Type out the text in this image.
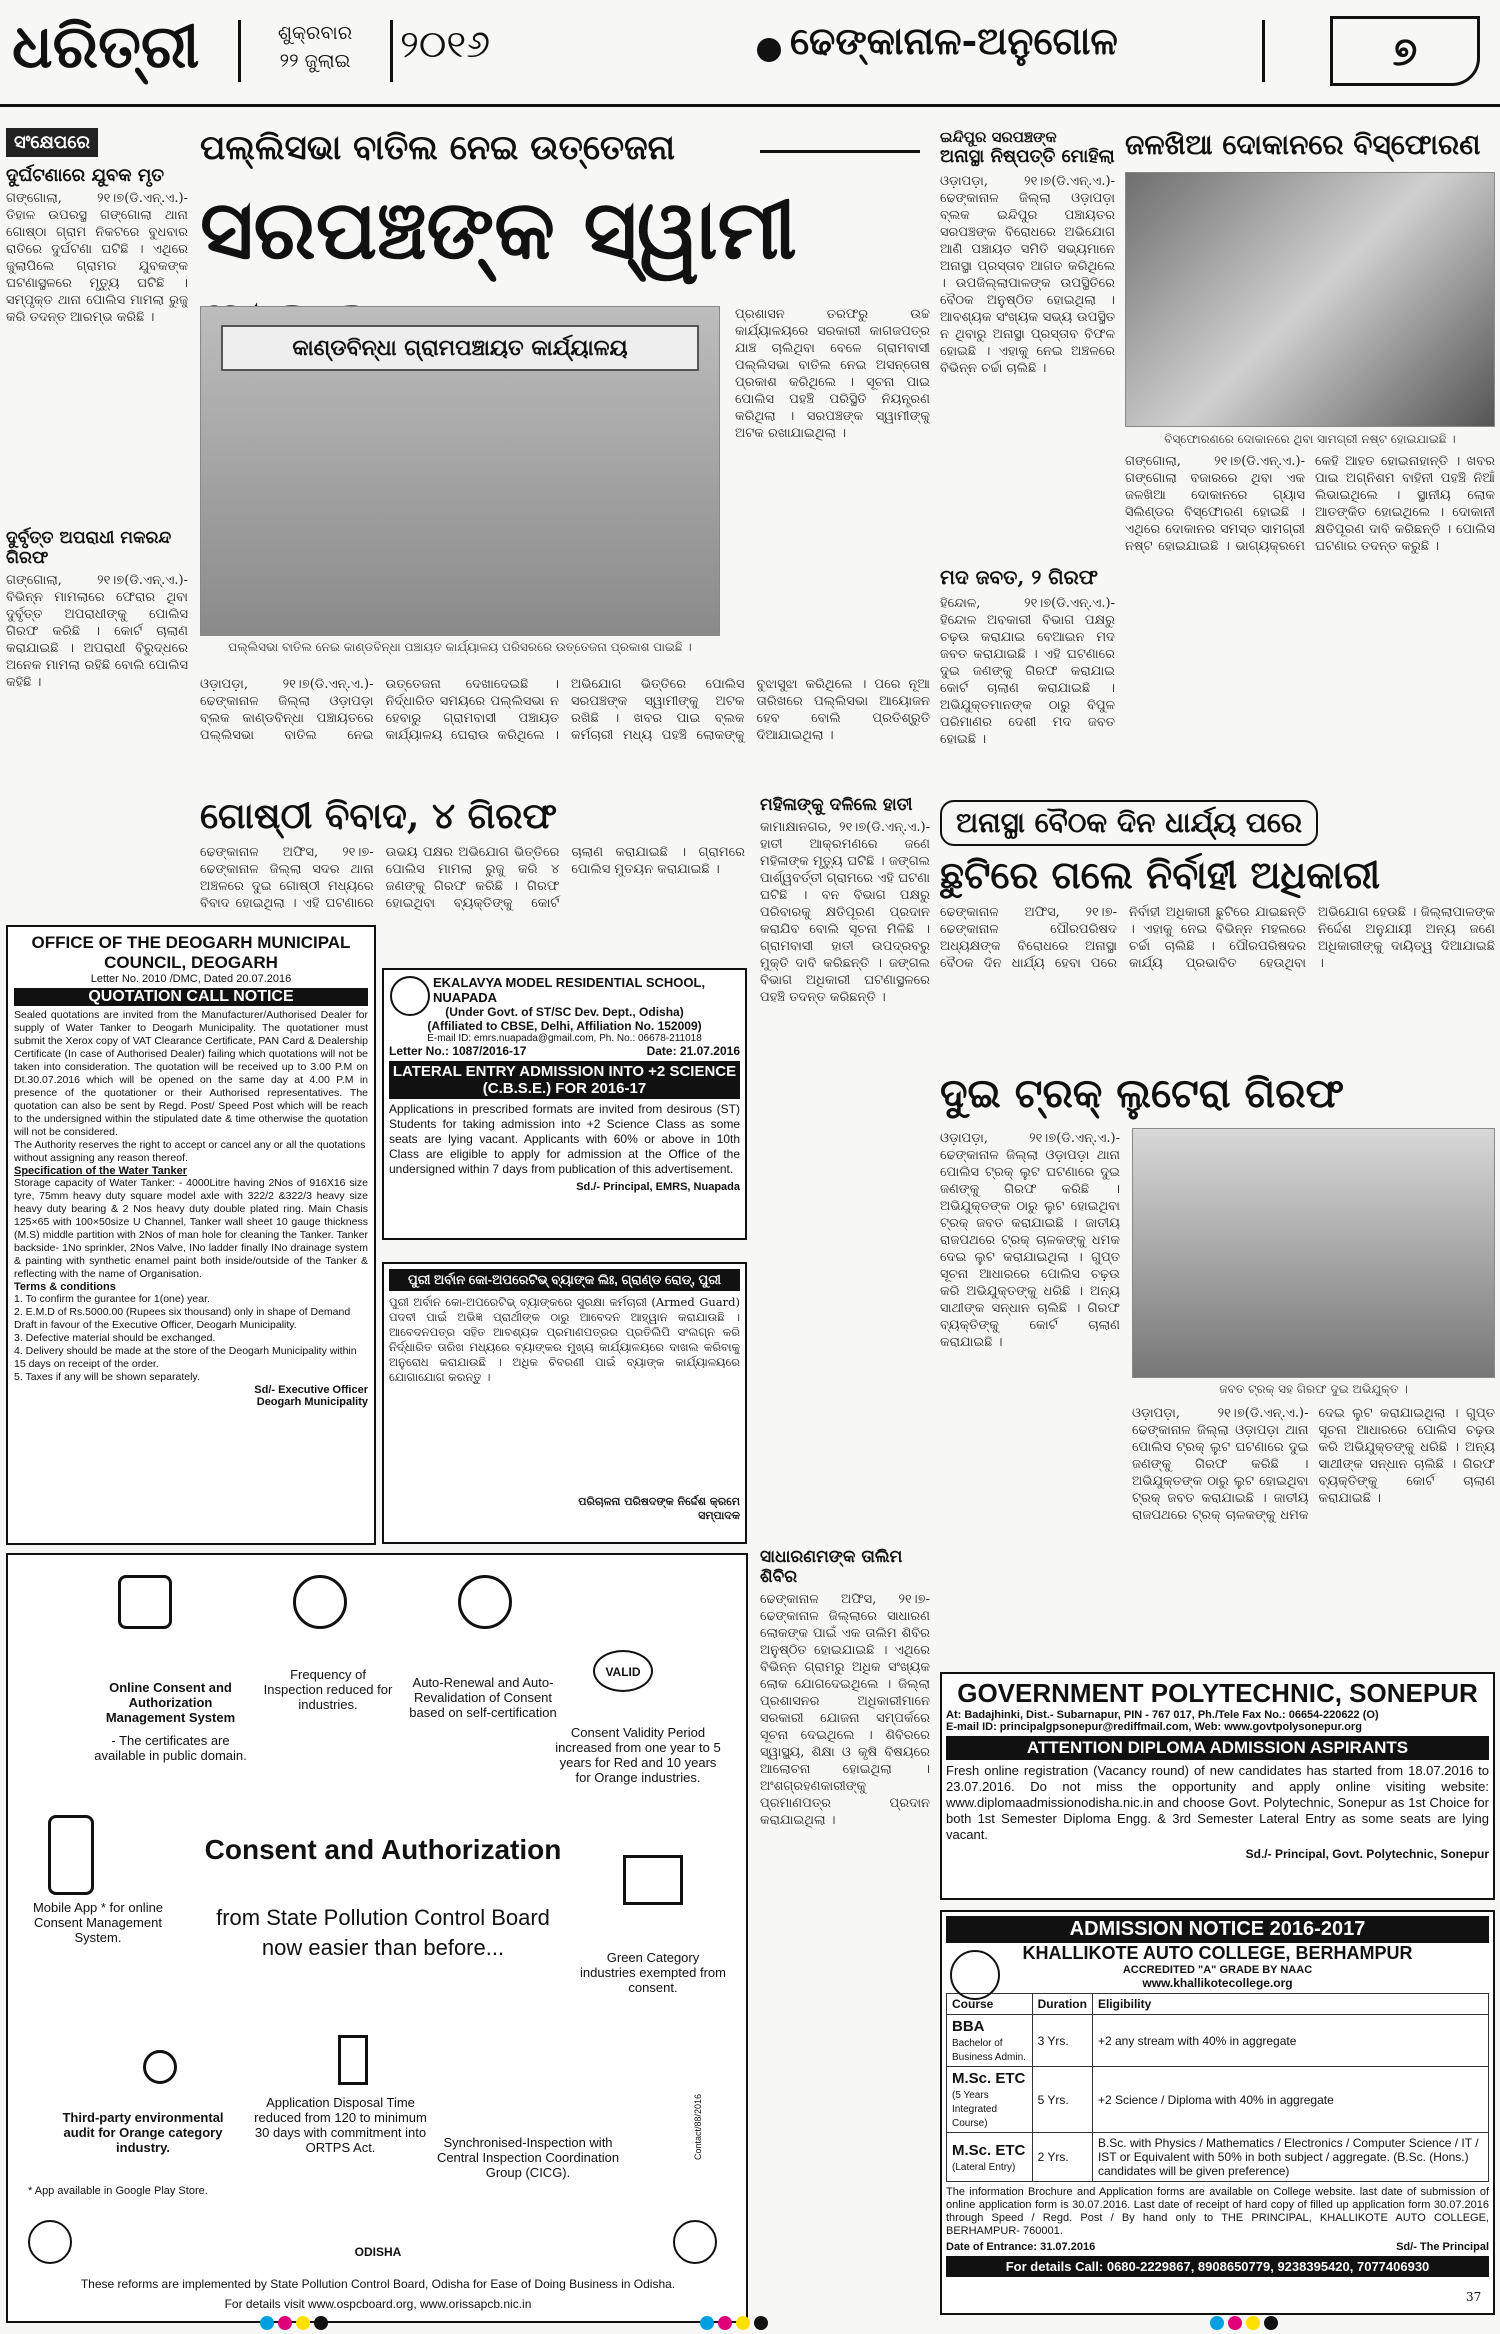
ଧରିତ୍ରୀ	ଶୁକ୍ରବାର
୨୨ ଜୁଲାଇ	୨୦୧୬	ଢେଙ୍କାନାଳ-ଅନୁଗୋଳ	୭
ସଂକ୍ଷେପରେ
ଦୁର୍ଘଟଣାରେ ଯୁବକ ମୃତ
ଗଙ୍ଗୋଲା, ୨୧।୭(ଡି.ଏନ୍.ଏ.)- ତିହାଳ ଉପରସ୍ଥ ଗଙ୍ଗୋଲା ଥାନା ଗୋଷ୍ଠା ଗ୍ରାମ ନିକଟରେ ବୁଧବାର ରାତିରେ ଦୁର୍ଘଟଣା ଘଟିଛି । ଏଥିରେ ଜୁଲାପିଲେ ଗ୍ରାମର ଯୁବକଙ୍କ ଘଟଣାସ୍ଥଳରେ ମୃତ୍ୟୁ ଘଟିଛି । ସମ୍ପୃକ୍ତ ଥାନା ପୋଲିସ ମାମଲା ରୁଜୁ କରି ତଦନ୍ତ ଆରମ୍ଭ କରିଛି ।
ଦୁର୍ବୃତ୍ତ ଅପରାଧୀ ମକରନ୍ଦ ଗିରଫ
ଗଙ୍ଗୋଲା, ୨୧।୭(ଡି.ଏନ୍.ଏ.)- ବିଭିନ୍ନ ମାମଲାରେ ଫେରାର ଥିବା ଦୁର୍ବୃତ୍ତ ଅପରାଧୀଙ୍କୁ ପୋଲିସ ଗିରଫ କରିଛି । କୋର୍ଟ ଚାଲାଣ କରାଯାଇଛି । ଅପରାଧୀ ବିରୁଦ୍ଧରେ ଅନେକ ମାମଲା ରହିଛି ବୋଲି ପୋଲିସ କହିଛି ।
ପଲ୍ଲିସଭା ବାତିଲ ନେଇ ଉତ୍ତେଜନା
ସରପଞ୍ଚଙ୍କ ସ୍ୱାମୀ
କାଣ୍ଡବିନ୍ଧା ଗ୍ରାମପଞ୍ଚାୟତ କାର୍ଯ୍ୟାଳୟ
ପଲ୍ଲିସଭା ବାତିଲ ନେଇ କାଣ୍ଡବିନ୍ଧା ପଞ୍ଚାୟତ କାର୍ଯ୍ୟାଳୟ ପରିସରରେ ଉତ୍ତେଜନା ପ୍ରକାଶ ପାଇଛି ।
ପ୍ରଶାସନ ତରଫରୁ ଉଚ୍ଚ କାର୍ଯ୍ୟାଳୟରେ ସରକାରୀ କାଗଜପତ୍ର ଯାଞ୍ଚ ଚାଲିଥିବା ବେଳେ ଗ୍ରାମବାସୀ ପଲ୍ଲିସଭା ବାତିଲ ନେଇ ଅସନ୍ତୋଷ ପ୍ରକାଶ କରିଥିଲେ । ସୂଚନା ପାଇ ପୋଲିସ ପହଞ୍ଚି ପରିସ୍ଥିତି ନିୟନ୍ତ୍ରଣ କରିଥିଲା । ସରପଞ୍ଚଙ୍କ ସ୍ୱାମୀଙ୍କୁ ଅଟକ ରଖାଯାଇଥିଲା ।
ଓଡ଼ାପଡ଼ା, ୨୧।୭(ଡି.ଏନ୍.ଏ.)- ଢେଙ୍କାନାଳ ଜିଲ୍ଲା ଓଡ଼ାପଡ଼ା ବ୍ଲକ କାଣ୍ଡବିନ୍ଧା ପଞ୍ଚାୟତରେ ପଲ୍ଲିସଭା ବାତିଲ ନେଇ ଉତ୍ତେଜନା ଦେଖାଦେଇଛି । ନିର୍ଦ୍ଧାରିତ ସମୟରେ ପଲ୍ଲିସଭା ନ ହେବାରୁ ଗ୍ରାମବାସୀ ପଞ୍ଚାୟତ କାର୍ଯ୍ୟାଳୟ ଘେରାଉ କରିଥିଲେ । ଅଭିଯୋଗ ଭିତ୍ତିରେ ପୋଲିସ ସରପଞ୍ଚଙ୍କ ସ୍ୱାମୀଙ୍କୁ ଅଟକ ରଖିଛି । ଖବର ପାଇ ବ୍ଲକ କର୍ମଚାରୀ ମଧ୍ୟ ପହଞ୍ଚି ଲୋକଙ୍କୁ ବୁଝାସୁଝା କରିଥିଲେ । ପରେ ନୂଆ ତାରିଖରେ ପଲ୍ଲିସଭା ଆୟୋଜନ ହେବ ବୋଲି ପ୍ରତିଶ୍ରୁତି ଦିଆଯାଇଥିଲା ।
ଇନ୍ଦିପୁର ସରପଞ୍ଚଙ୍କ
ଅନାସ୍ଥା ନିଷ୍ପତ୍ତି ମୋହିଲା
ଓଡ଼ାପଡ଼ା, ୨୧।୭(ଡି.ଏନ୍.ଏ.)- ଢେଙ୍କାନାଳ ଜିଲ୍ଲା ଓଡ଼ାପଡ଼ା ବ୍ଲକ ଇନ୍ଦିପୁର ପଞ୍ଚାୟତର ସରପଞ୍ଚଙ୍କ ବିରୋଧରେ ଅଭିଯୋଗ ଆଣି ପଞ୍ଚାୟତ ସମିତି ସଭ୍ୟମାନେ ଅନାସ୍ଥା ପ୍ରସ୍ତାବ ଆଗତ କରିଥିଲେ । ଉପଜିଲ୍ଲାପାଳଙ୍କ ଉପସ୍ଥିତିରେ ବୈଠକ ଅନୁଷ୍ଠିତ ହୋଇଥିଲା । ଆବଶ୍ୟକ ସଂଖ୍ୟକ ସଭ୍ୟ ଉପସ୍ଥିତ ନ ଥିବାରୁ ଅନାସ୍ଥା ପ୍ରସ୍ତାବ ବିଫଳ ହୋଇଛି । ଏହାକୁ ନେଇ ଅଞ୍ଚଳରେ ବିଭିନ୍ନ ଚର୍ଚ୍ଚା ଚାଲିଛି ।
ମଦ ଜବତ, ୨ ଗିରଫ
ହିନ୍ଦୋଳ, ୨୧।୭(ଡି.ଏନ୍.ଏ.)- ହିନ୍ଦୋଳ ଅବକାରୀ ବିଭାଗ ପକ୍ଷରୁ ଚଢ଼ଉ କରାଯାଇ ବେଆଇନ ମଦ ଜବତ କରାଯାଇଛି । ଏହି ଘଟଣାରେ ଦୁଇ ଜଣଙ୍କୁ ଗିରଫ କରାଯାଇ କୋର୍ଟ ଚାଲାଣ କରାଯାଇଛି । ଅଭିଯୁକ୍ତମାନଙ୍କ ଠାରୁ ବିପୁଳ ପରିମାଣର ଦେଶୀ ମଦ ଜବତ ହୋଇଛି ।
ଜଳଖିଆ ଦୋକାନରେ ବିସ୍ଫୋରଣ
ବିସ୍ଫୋରଣରେ ଦୋକାନରେ ଥିବା ସାମଗ୍ରୀ ନଷ୍ଟ ହୋଇଯାଇଛି ।
ଗଙ୍ଗୋଲା, ୨୧।୭(ଡି.ଏନ୍.ଏ.)- ଗଙ୍ଗୋଲା ବଜାରରେ ଥିବା ଏକ ଜଳଖିଆ ଦୋକାନରେ ଗ୍ୟାସ ସିଲିଣ୍ଡର ବିସ୍ଫୋରଣ ହୋଇଛି । ଏଥିରେ ଦୋକାନର ସମସ୍ତ ସାମଗ୍ରୀ ନଷ୍ଟ ହୋଇଯାଇଛି । ଭାଗ୍ୟକ୍ରମେ କେହି ଆହତ ହୋଇନାହାନ୍ତି । ଖବର ପାଇ ଅଗ୍ନିଶମ ବାହିନୀ ପହଞ୍ଚି ନିଆଁ ଲିଭାଇଥିଲେ । ସ୍ଥାନୀୟ ଲୋକ ଆତଙ୍କିତ ହୋଇଥିଲେ । ଦୋକାନୀ କ୍ଷତିପୂରଣ ଦାବି କରିଛନ୍ତି । ପୋଲିସ ଘଟଣାର ତଦନ୍ତ କରୁଛି ।
ଗୋଷ୍ଠୀ ବିବାଦ, ୪ ଗିରଫ
ଢେଙ୍କାନାଳ ଅଫିସ, ୨୧।୭- ଢେଙ୍କାନାଳ ଜିଲ୍ଲା ସଦର ଥାନା ଅଞ୍ଚଳରେ ଦୁଇ ଗୋଷ୍ଠୀ ମଧ୍ୟରେ ବିବାଦ ହୋଇଥିଲା । ଏହି ଘଟଣାରେ ଉଭୟ ପକ୍ଷର ଅଭିଯୋଗ ଭିତ୍ତିରେ ପୋଲିସ ମାମଲା ରୁଜୁ କରି ୪ ଜଣଙ୍କୁ ଗିରଫ କରିଛି । ଗିରଫ ହୋଇଥିବା ବ୍ୟକ୍ତିଙ୍କୁ କୋର୍ଟ ଚାଲାଣ କରାଯାଇଛି । ଗ୍ରାମରେ ପୋଲିସ ମୁତୟନ କରାଯାଇଛି ।
ମହିଳାଙ୍କୁ ଦଳିଲେ ହାତୀ
କାମାକ୍ଷାନଗର, ୨୧।୭(ଡି.ଏନ୍.ଏ.)- ହାତୀ ଆକ୍ରମଣରେ ଜଣେ ମହିଳାଙ୍କ ମୃତ୍ୟୁ ଘଟିଛି । ଜଙ୍ଗଲ ପାର୍ଶ୍ୱବର୍ତ୍ତୀ ଗ୍ରାମରେ ଏହି ଘଟଣା ଘଟିଛି । ବନ ବିଭାଗ ପକ୍ଷରୁ ପରିବାରକୁ କ୍ଷତିପୂରଣ ପ୍ରଦାନ କରାଯିବ ବୋଲି ସୂଚନା ମିଳିଛି । ଗ୍ରାମବାସୀ ହାତୀ ଉପଦ୍ରବରୁ ମୁକ୍ତି ଦାବି କରିଛନ୍ତି । ଜଙ୍ଗଲ ବିଭାଗ ଅଧିକାରୀ ଘଟଣାସ୍ଥଳରେ ପହଞ୍ଚି ତଦନ୍ତ କରିଛନ୍ତି ।
ସାଧାରଣମଙ୍କ ତାଲିମ ଶିବିର
ଢେଙ୍କାନାଳ ଅଫିସ, ୨୧।୭- ଢେଙ୍କାନାଳ ଜିଲ୍ଲାରେ ସାଧାରଣ ଲୋକଙ୍କ ପାଇଁ ଏକ ତାଲିମ ଶିବିର ଅନୁଷ୍ଠିତ ହୋଇଯାଇଛି । ଏଥିରେ ବିଭିନ୍ନ ଗ୍ରାମରୁ ଅଧିକ ସଂଖ୍ୟକ ଲୋକ ଯୋଗଦେଇଥିଲେ । ଜିଲ୍ଲା ପ୍ରଶାସନର ଅଧିକାରୀମାନେ ସରକାରୀ ଯୋଜନା ସମ୍ପର୍କରେ ସୂଚନା ଦେଇଥିଲେ । ଶିବିରରେ ସ୍ୱାସ୍ଥ୍ୟ, ଶିକ୍ଷା ଓ କୃଷି ବିଷୟରେ ଆଲୋଚନା ହୋଇଥିଲା । ଅଂଶଗ୍ରହଣକାରୀଙ୍କୁ ପ୍ରମାଣପତ୍ର ପ୍ରଦାନ କରାଯାଇଥିଲା ।
ଅନାସ୍ଥା ବୈଠକ ଦିନ ଧାର୍ଯ୍ୟ ପରେ
ଛୁଟିରେ ଗଲେ ନିର୍ବାହୀ ଅଧିକାରୀ
ଢେଙ୍କାନାଳ ଅଫିସ, ୨୧।୭- ଢେଙ୍କାନାଳ ପୌରପରିଷଦ ଅଧ୍ୟକ୍ଷଙ୍କ ବିରୋଧରେ ଅନାସ୍ଥା ବୈଠକ ଦିନ ଧାର୍ଯ୍ୟ ହେବା ପରେ ନିର୍ବାହୀ ଅଧିକାରୀ ଛୁଟିରେ ଯାଇଛନ୍ତି । ଏହାକୁ ନେଇ ବିଭିନ୍ନ ମହଲରେ ଚର୍ଚ୍ଚା ଚାଲିଛି । ପୌରପରିଷଦର କାର୍ଯ୍ୟ ପ୍ରଭାବିତ ହେଉଥିବା ଅଭିଯୋଗ ହେଉଛି । ଜିଲ୍ଲାପାଳଙ୍କ ନିର୍ଦ୍ଦେଶ ଅନୁଯାୟୀ ଅନ୍ୟ ଜଣେ ଅଧିକାରୀଙ୍କୁ ଦାୟିତ୍ୱ ଦିଆଯାଇଛି ।
ଦୁଇ ଟ୍ରକ୍ ଲୁଟେରା ଗିରଫ
ଓଡ଼ାପଡ଼ା, ୨୧।୭(ଡି.ଏନ୍.ଏ.)- ଢେଙ୍କାନାଳ ଜିଲ୍ଲା ଓଡ଼ାପଡ଼ା ଥାନା ପୋଲିସ ଟ୍ରକ୍ ଲୁଟ ଘଟଣାରେ ଦୁଇ ଜଣଙ୍କୁ ଗିରଫ କରିଛି । ଅଭିଯୁକ୍ତଙ୍କ ଠାରୁ ଲୁଟ ହୋଇଥିବା ଟ୍ରକ୍ ଜବତ କରାଯାଇଛି । ଜାତୀୟ ରାଜପଥରେ ଟ୍ରକ୍ ଚାଳକଙ୍କୁ ଧମକ ଦେଇ ଲୁଟ କରାଯାଇଥିଲା । ଗୁପ୍ତ ସୂଚନା ଆଧାରରେ ପୋଲିସ ଚଢ଼ଉ କରି ଅଭିଯୁକ୍ତଙ୍କୁ ଧରିଛି । ଅନ୍ୟ ସାଥୀଙ୍କ ସନ୍ଧାନ ଚାଲିଛି । ଗିରଫ ବ୍ୟକ୍ତିଙ୍କୁ କୋର୍ଟ ଚାଲାଣ କରାଯାଇଛି ।
ଜବତ ଟ୍ରକ୍ ସହ ଗିରଫ ଦୁଇ ଅଭିଯୁକ୍ତ ।
ଓଡ଼ାପଡ଼ା, ୨୧।୭(ଡି.ଏନ୍.ଏ.)- ଢେଙ୍କାନାଳ ଜିଲ୍ଲା ଓଡ଼ାପଡ଼ା ଥାନା ପୋଲିସ ଟ୍ରକ୍ ଲୁଟ ଘଟଣାରେ ଦୁଇ ଜଣଙ୍କୁ ଗିରଫ କରିଛି । ଅଭିଯୁକ୍ତଙ୍କ ଠାରୁ ଲୁଟ ହୋଇଥିବା ଟ୍ରକ୍ ଜବତ କରାଯାଇଛି । ଜାତୀୟ ରାଜପଥରେ ଟ୍ରକ୍ ଚାଳକଙ୍କୁ ଧମକ ଦେଇ ଲୁଟ କରାଯାଇଥିଲା । ଗୁପ୍ତ ସୂଚନା ଆଧାରରେ ପୋଲିସ ଚଢ଼ଉ କରି ଅଭିଯୁକ୍ତଙ୍କୁ ଧରିଛି । ଅନ୍ୟ ସାଥୀଙ୍କ ସନ୍ଧାନ ଚାଲିଛି । ଗିରଫ ବ୍ୟକ୍ତିଙ୍କୁ କୋର୍ଟ ଚାଲାଣ କରାଯାଇଛି ।
OFFICE OF THE DEOGARH MUNICIPAL COUNCIL, DEOGARH
Letter No. 2010 /DMC, Dated 20.07.2016
QUOTATION CALL NOTICE
Sealed quotations are invited from the Manufacturer/Authorised Dealer for supply of Water Tanker to Deogarh Municipality. The quotationer must submit the Xerox copy of VAT Clearance Certificate, PAN Card & Dealership Certificate (In case of Authorised Dealer) failing which quotations will not be taken into consideration. The quotation will be received up to 3.00 P.M on Dt.30.07.2016 which will be opened on the same day at 4.00 P.M in presence of the quotationer or their Authorised representatives. The quotation can also be sent by Regd. Post/ Speed Post which will be reach to the undersigned within the stipulated date & time otherwise the quotation will not be considered.
The Authority reserves the right to accept or cancel any or all the quotations without assigning any reason thereof.
Specification of the Water Tanker
Storage capacity of Water Tanker: - 4000Litre having 2Nos of 916X16 size tyre, 75mm heavy duty square model axle with 322/2 &322/3 heavy size heavy duty bearing & 2 Nos heavy duty double plated ring. Main Chasis 125×65 with 100×50size U Channel, Tanker wall sheet 10 gauge thickness (M.S) middle partition with 2Nos of man hole for cleaning the Tanker. Tanker backside- 1No sprinkler, 2Nos Valve, INo ladder finally INo drainage system & painting with synthetic enamel paint both inside/outside of the Tanker & reflecting with the name of Organisation.
Terms & conditions
1. To confirm the gurantee for 1(one) year.
2. E.M.D of Rs.5000.00 (Rupees six thousand) only in shape of Demand Draft in favour of the Executive Officer, Deogarh Municipality.
3. Defective material should be exchanged.
4. Delivery should be made at the store of the Deogarh Municipality within 15 days on receipt of the order.
5. Taxes if any will be shown separately.
Sd/- Executive Officer
Deogarh Municipality
EKALAVYA MODEL RESIDENTIAL SCHOOL, NUAPADA
(Under Govt. of ST/SC Dev. Dept., Odisha)
(Affiliated to CBSE, Delhi, Affiliation No. 152009)
E-mail ID: emrs.nuapada@gmail.com, Ph. No.: 06678-211018
Letter No.: 1087/2016-17	Date: 21.07.2016
LATERAL ENTRY ADMISSION INTO +2 SCIENCE (C.B.S.E.) FOR 2016-17
Applications in prescribed formats are invited from desirous (ST) Students for taking admission into +2 Science Class as some seats are lying vacant. Applicants with 60% or above in 10th Class are eligible to apply for admission at the Office of the undersigned within 7 days from publication of this advertisement.
Sd./- Principal, EMRS, Nuapada
ପୁରୀ ଅର୍ବାନ କୋ-ଅପରେଟିଭ୍ ବ୍ୟାଙ୍କ ଲିଃ, ଗ୍ରାଣ୍ଡ ରୋଡ୍, ପୁରୀ
ପୁରୀ ଅର୍ବାନ କୋ-ଅପରେଟିଭ୍ ବ୍ୟାଙ୍କରେ ସୁରକ୍ଷା କର୍ମଚାରୀ (Armed Guard) ପଦବୀ ପାଇଁ ଅଭିଜ୍ଞ ପ୍ରାର୍ଥୀଙ୍କ ଠାରୁ ଆବେଦନ ଆହ୍ୱାନ କରାଯାଉଛି । ଆବେଦନପତ୍ର ସହିତ ଆବଶ୍ୟକ ପ୍ରମାଣପତ୍ରର ପ୍ରତିଲିପି ସଂଲଗ୍ନ କରି ନିର୍ଦ୍ଧାରିତ ତାରିଖ ମଧ୍ୟରେ ବ୍ୟାଙ୍କର ମୁଖ୍ୟ କାର୍ଯ୍ୟାଳୟରେ ଦାଖଲ କରିବାକୁ ଅନୁରୋଧ କରାଯାଉଛି । ଅଧିକ ବିବରଣୀ ପାଇଁ ବ୍ୟାଙ୍କ କାର୍ଯ୍ୟାଳୟରେ ଯୋଗାଯୋଗ କରନ୍ତୁ ।
ପରିଚାଳନା ପରିଷଦଙ୍କ ନିର୍ଦ୍ଦେଶ କ୍ରମେ
ସମ୍ପାଦକ
Online Consent and Authorization Management System
- The certificates are available in public domain.
Frequency of Inspection reduced for industries.
Auto-Renewal and Auto-Revalidation of Consent based on self-certification
VALID
Consent Validity Period increased from one year to 5 years for Red and 10 years for Orange industries.
Mobile App * for online Consent Management System.
Consent and Authorization
from State Pollution Control Board
now easier than before...	Green Category industries exempted from consent.
Third-party environmental audit for Orange category industry.
Application Disposal Time reduced from 120 to minimum 30 days with commitment into ORTPS Act.	Synchronised-Inspection with Central Inspection Coordination Group (CICG).
* App available in Google Play Store.
ODISHA
Contact/88/2016
These reforms are implemented by State Pollution Control Board, Odisha for Ease of Doing Business in Odisha.
For details visit www.ospcboard.org, www.orissapcb.nic.in
GOVERNMENT POLYTECHNIC, SONEPUR
At: Badajhinki, Dist.- Subarnapur, PIN - 767 017, Ph./Tele Fax No.: 06654-220622 (O)
E-mail ID: principalgpsonepur@rediffmail.com, Web: www.govtpolysonepur.org
ATTENTION DIPLOMA ADMISSION ASPIRANTS
Fresh online registration (Vacancy round) of new candidates has started from 18.07.2016 to 23.07.2016. Do not miss the opportunity and apply online visiting website: www.diplomaadmissionodisha.nic.in and choose Govt. Polytechnic, Sonepur as 1st Choice for both 1st Semester Diploma Engg. & 3rd Semester Lateral Entry as some seats are lying vacant.
Sd./- Principal, Govt. Polytechnic, Sonepur
ADMISSION NOTICE 2016-2017
KHALLIKOTE AUTO COLLEGE, BERHAMPUR
ACCREDITED "A" GRADE BY NAAC
www.khallikotecollege.org
Course	Duration	Eligibility
BBA
Bachelor of Business Admin.	3 Yrs.	+2 any stream with 40% in aggregate
M.Sc. ETC
(5 Years Integrated Course)	5 Yrs.	+2 Science / Diploma with 40% in aggregate
M.Sc. ETC
(Lateral Entry)	2 Yrs.	B.Sc. with Physics / Mathematics / Electronics / Computer Science / IT / IST or Equivalent with 50% in both subject / aggregate. (B.Sc. (Hons.) candidates will be given preference)
The information Brochure and Application forms are available on College website. last date of submission of online application form is 30.07.2016. Last date of receipt of hard copy of filled up application form 30.07.2016 through Speed / Regd. Post / By hand only to THE PRINCIPAL, KHALLIKOTE AUTO COLLEGE, BERHAMPUR- 760001.
Date of Entrance: 31.07.2016	Sd/- The Principal
For details Call: 0680-2229867, 8908650779, 9238395420, 7077406930
37
